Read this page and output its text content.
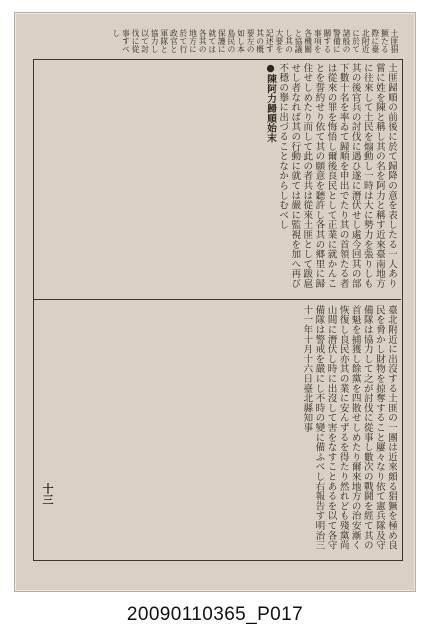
土匪猖獗たる際に臺北附近に於て諸般の警備に關する事項を各機關と協議し其の大要を記述す其の概要左の如し本島民の保護に就ては各其の地方に於て行政官と軍隊と協力し以て討伐に從事すべし

土匪歸順の前後に於て歸降の意を表したる一人あり嘗に姓を陳と稱し其の名を阿力と稱す近來臺南地方に往來して土民を煽動し一時は大に勢力を張りしも其の後官兵の討伐に遇ひ遂に潛伏せし處今回其の部下數十名を率ゐて歸順を申出でたり其の首領たる者は從來の罪を悔悟し爾後良民として正業に就かんことを誓約せり依て其の願意を聽許し各其の郷里に歸住せしめたり而して此の者共は從來土匪として跋扈せし者なれば其の行動に就ては嚴に監視を加へ再び不穩の擧に出づることなからしむべし

●陳阿力歸順始末

臺北附近に出沒する土匪の一團は近來頗る猖獗を極め良民を脅かし財物を掠奪すること屢々なり依て憲兵隊及守備隊は協力して之が討伐に從事し數次の戰鬪を經て其の首魁を捕獲し餘黨を四散せしめたり爾來地方の治安漸く恢復し良民亦其の業に安んずるを得たり然れども殘黨尚山間に潛伏し時に出沒して害をなすことあるを以て各守備隊は警戒を嚴にし不時の變に備ふべし右報告す明治三十一年十月十六日臺北縣知事

十三
20090110365_P017
